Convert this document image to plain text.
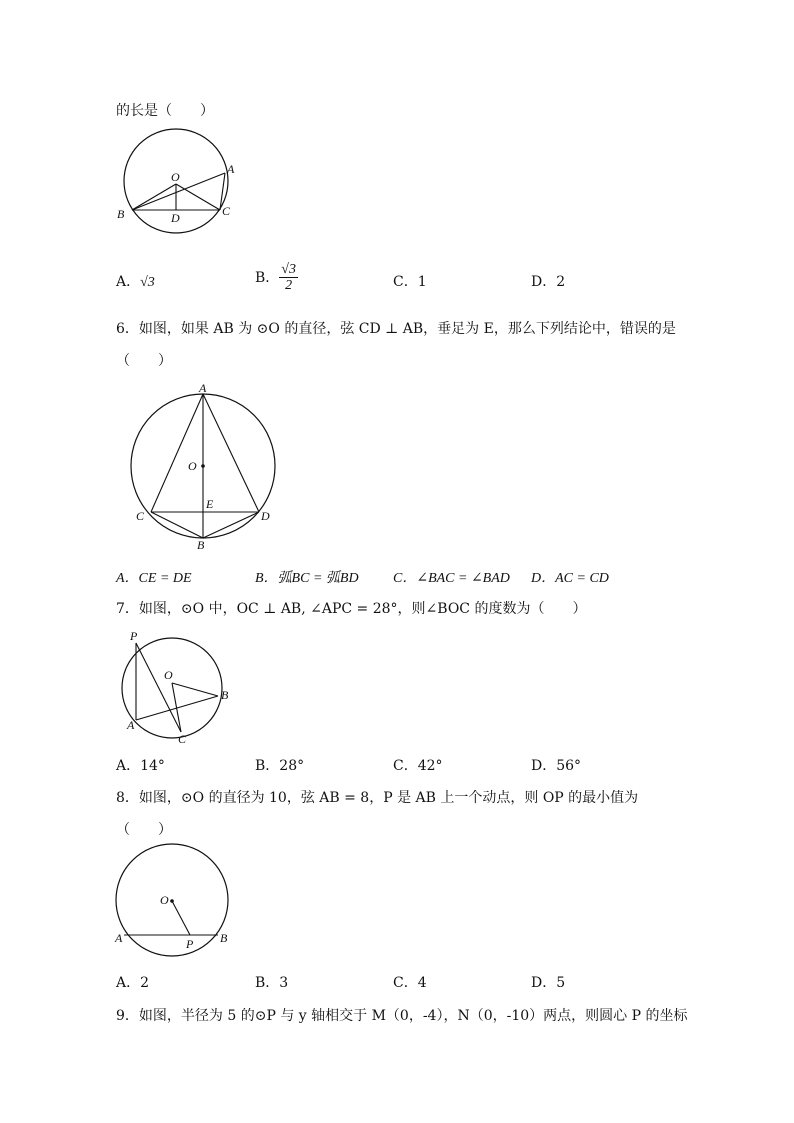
的长是（　　）
O
A
B	C
D
A．√3	B． $\frac{√3}{2}$	C．1	D．2
6．如图，如果 AB 为 ⊙O 的直径，弦 CD ⊥ AB，垂足为 E，那么下列结论中，错误的是
（　　）
A
O
E
C	D
B
A．CE = DE	B．弧BC = 弧BD C．∠BAC = ∠BAD D．AC = CD
7．如图，⊙O 中，OC ⊥ AB, ∠APC = 28°，则∠BOC 的度数为（　　）
P
O
B
A
C
A．14°	B．28°	C．42°	D．56°
8．如图，⊙O 的直径为 10，弦 AB = 8，P 是 AB 上一个动点，则 OP 的最小值为
（　　）
O
A	P B
A．2	B．3	C．4	D．5
9．如图，半径为 5 的⊙P 与 y 轴相交于 M（0，-4），N（0，-10）两点，则圆心 P 的坐标
